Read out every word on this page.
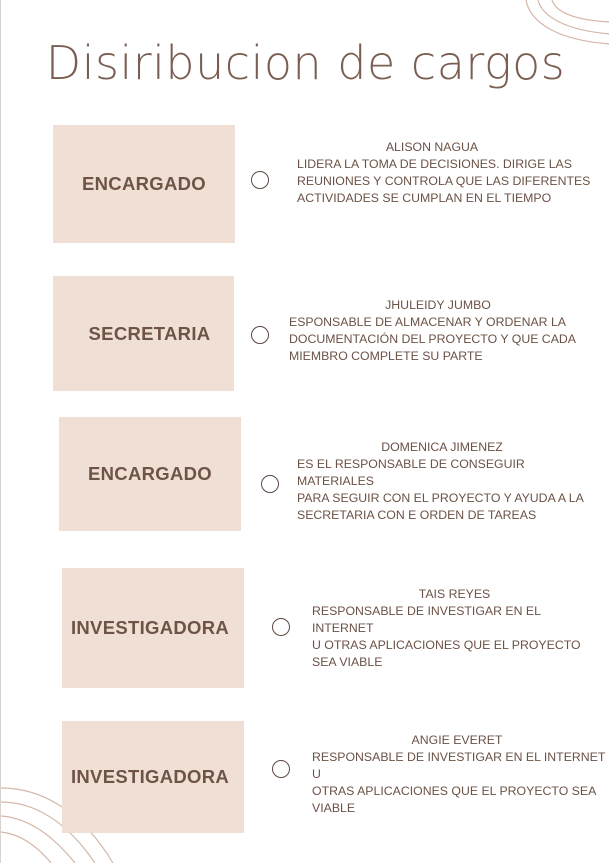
Disiribucion de cargos
ENCARGADO
ALISON NAGUA
LIDERA LA TOMA DE DECISIONES. DIRIGE LAS
REUNIONES Y CONTROLA QUE LAS DIFERENTES
ACTIVIDADES SE CUMPLAN EN EL TIEMPO
SECRETARIA
JHULEIDY JUMBO
ESPONSABLE DE ALMACENAR Y ORDENAR LA
DOCUMENTACIÓN DEL PROYECTO Y QUE CADA
MIEMBRO COMPLETE SU PARTE
ENCARGADO
DOMENICA JIMENEZ
ES EL RESPONSABLE DE CONSEGUIR MATERIALES
PARA SEGUIR CON EL PROYECTO Y AYUDA A LA
SECRETARIA CON E ORDEN DE TAREAS
INVESTIGADORA
TAIS REYES
RESPONSABLE DE INVESTIGAR EN EL INTERNET
U OTRAS APLICACIONES QUE EL PROYECTO
SEA VIABLE
INVESTIGADORA
ANGIE EVERET
RESPONSABLE DE INVESTIGAR EN EL INTERNET U
OTRAS APLICACIONES QUE EL PROYECTO SEA
VIABLE
